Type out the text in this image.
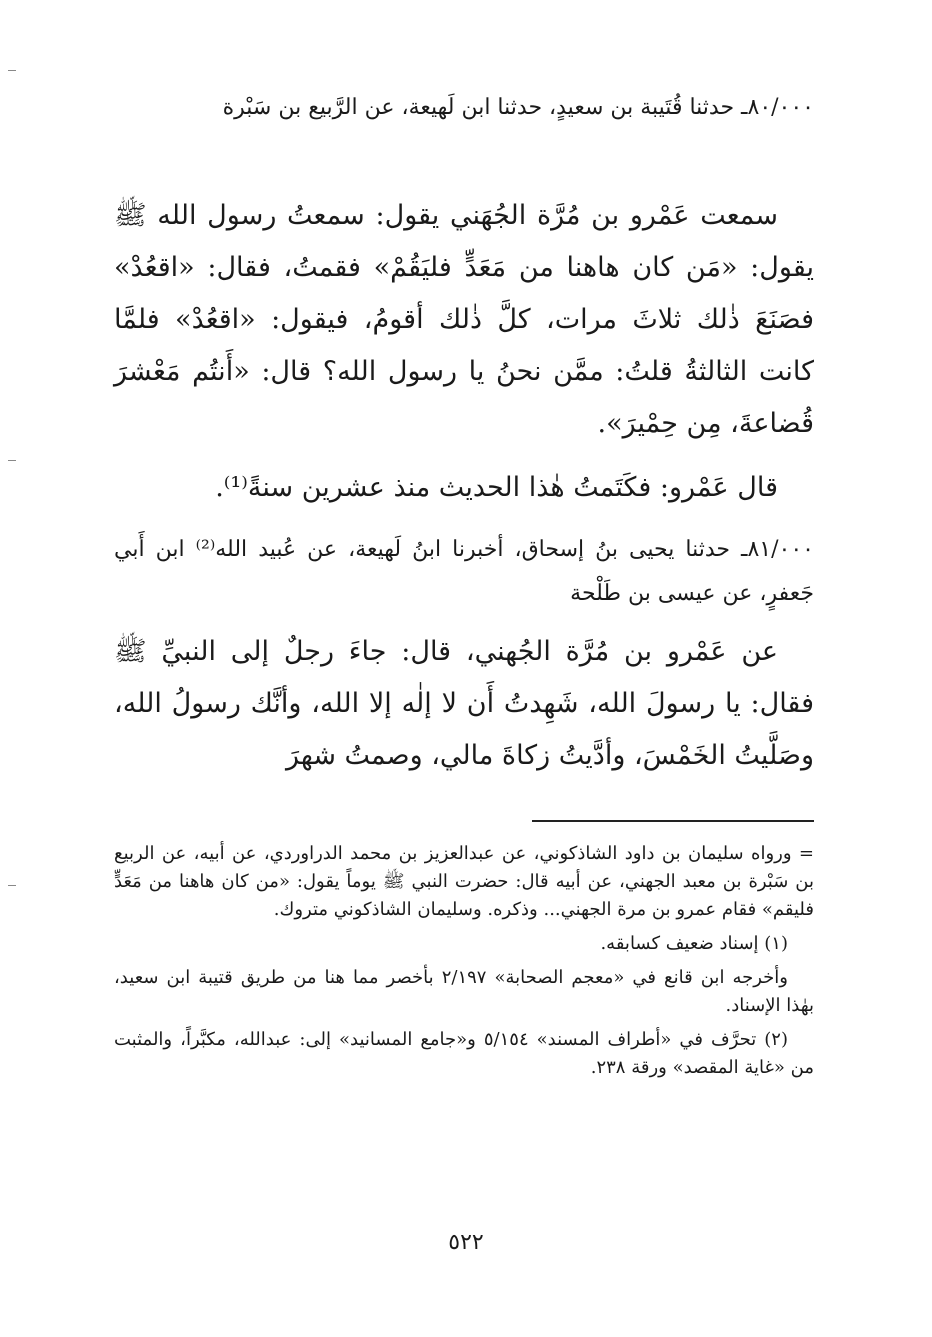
٨٠/٠٠٠ـ حدثنا قُتَيبة بن سعيدٍ، حدثنا ابن لَهيعة، عن الرَّبيع بن سَبْرة
سمعت عَمْرو بن مُرَّة الجُهَني يقول: سمعتُ رسول الله ﷺ يقول: «مَن كان هاهنا من مَعَدٍّ فليَقُمْ» فقمتُ، فقال: «اقعُدْ» فصَنَعَ ذٰلك ثلاثَ مرات، كلَّ ذٰلك أقومُ، فيقول: «اقعُدْ» فلمَّا كانت الثالثةُ قلتُ: ممَّن نحنُ يا رسول الله؟ قال: «أَنتُم مَعْشرَ قُضاعةَ، مِن حِمْيرَ».
قال عَمْرو: فكَتَمتُ هٰذا الحديث منذ عشرين سنةً⁽¹⁾.
٨١/٠٠٠ـ حدثنا يحيى بنُ إسحاق، أخبرنا ابنُ لَهيعة، عن عُبيد الله⁽²⁾ ابن أَبي جَعفرٍ، عن عيسى بن طَلْحة
عن عَمْرو بن مُرَّة الجُهني، قال: جاءَ رجلٌ إلى النبيِّ ﷺ فقال: يا رسولَ الله، شَهِدتُ أَن لا إلٰه إلا الله، وأنَّك رسولُ الله، وصَلَّيتُ الخَمْسَ، وأدَّيتُ زكاةَ مالي، وصمتُ شهرَ

= ورواه سليمان بن داود الشاذكوني، عن عبدالعزيز بن محمد الدراوردي، عن أبيه، عن الربيع بن سَبْرة بن معبد الجهني، عن أبيه قال: حضرت النبي ﷺ يوماً يقول: «من كان هاهنا من مَعَدٍّ فليقم» فقام عمرو بن مرة الجهني... وذكره. وسليمان الشاذكوني متروك.

(١) إسناد ضعيف كسابقه.

وأخرجه ابن قانع في «معجم الصحابة» ٢/١٩٧ بأخصر مما هنا من طريق قتيبة ابن سعيد، بهٰذا الإسناد.

(٢) تحرَّف في «أطراف المسند» ٥/١٥٤ و«جامع المسانيد» إلى: عبدالله، مكبَّراً، والمثبت من «غاية المقصد» ورقة ٢٣٨.

٥٢٢
